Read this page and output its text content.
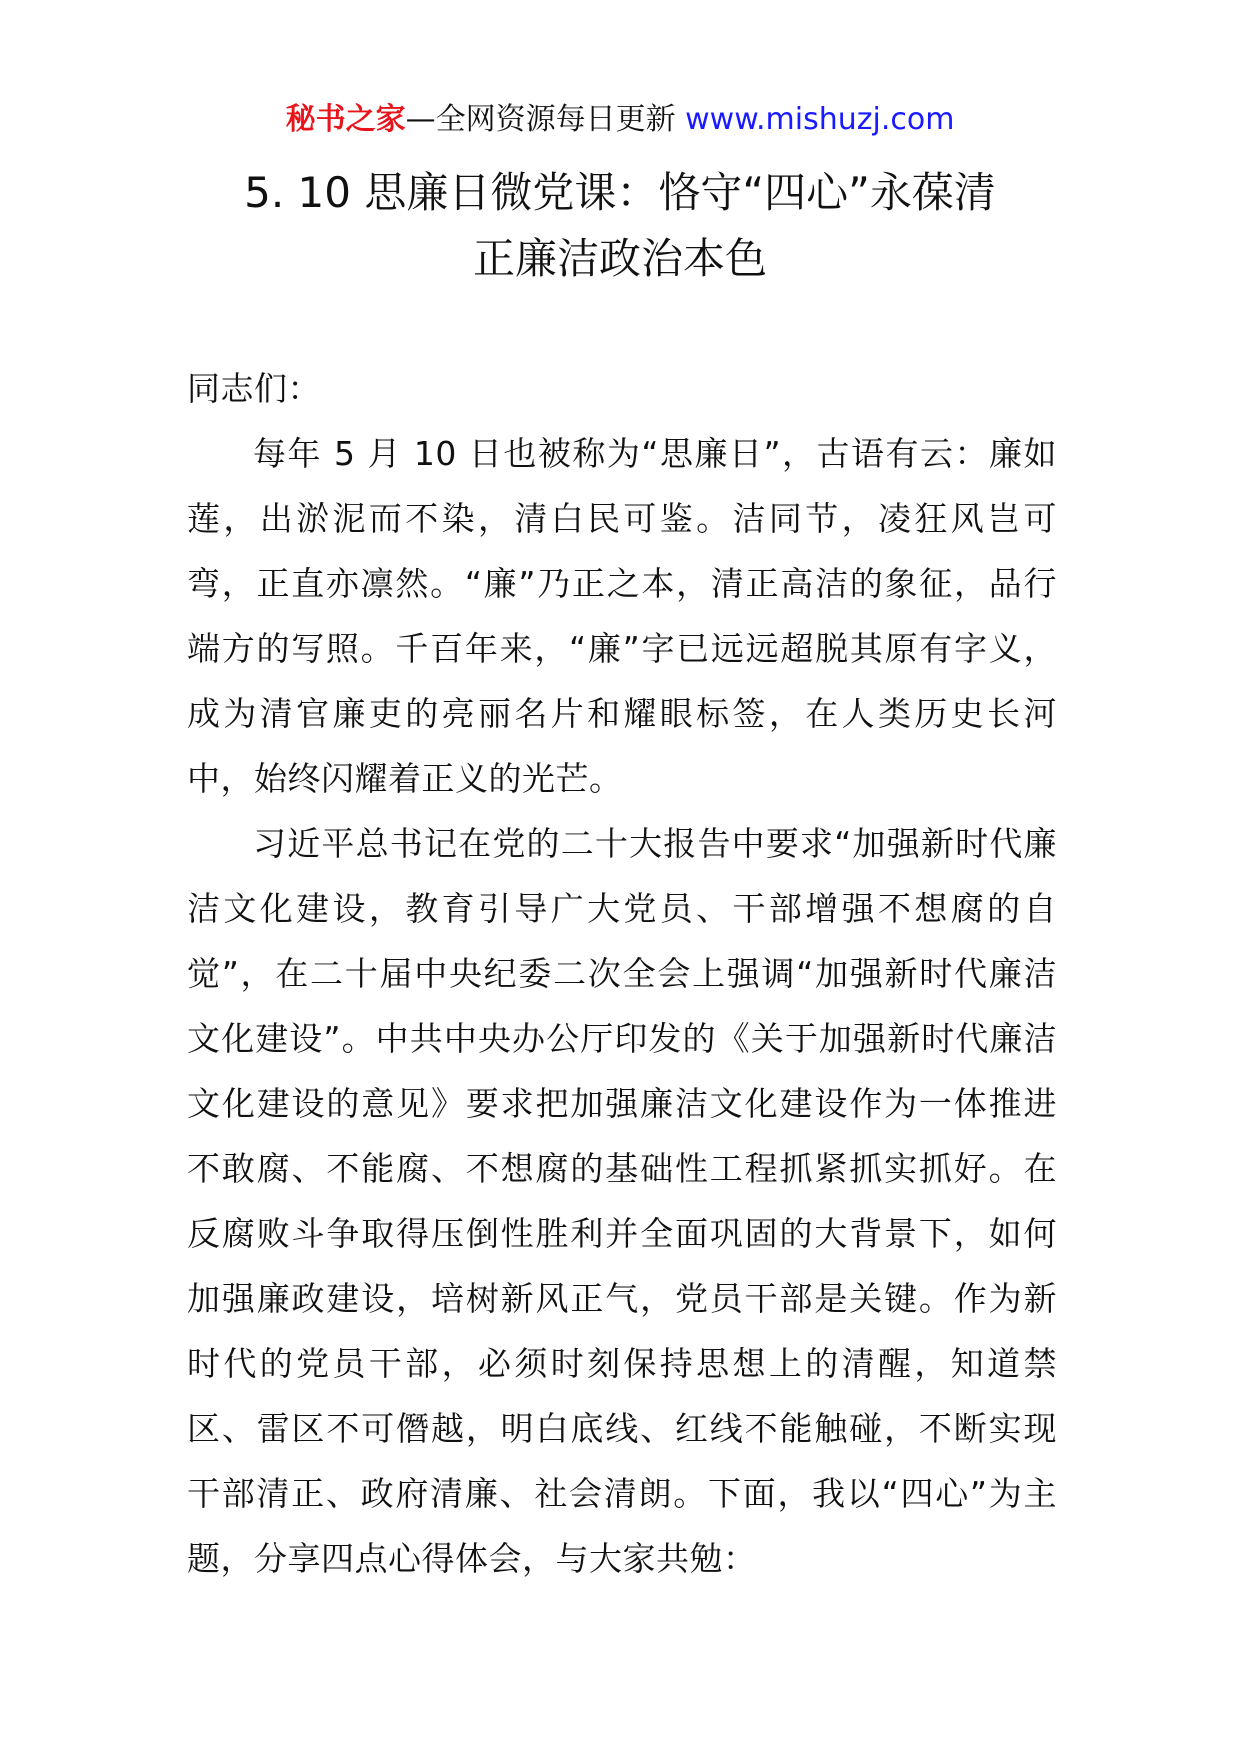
秘书之家—全网资源每日更新 www.mishuzj.com
5. 10 思廉日微党课：恪守“四心”永葆清
正廉洁政治本色

同志们：

每年 5 月 10 日也被称为“思廉日”，古语有云：廉如莲，出淤泥而不染，清白民可鉴。洁同节，凌狂风岂可弯，正直亦凛然。“廉”乃正之本，清正高洁的象征，品行端方的写照。千百年来，“廉”字已远远超脱其原有字义，成为清官廉吏的亮丽名片和耀眼标签，在人类历史长河中，始终闪耀着正义的光芒。

习近平总书记在党的二十大报告中要求“加强新时代廉洁文化建设，教育引导广大党员、干部增强不想腐的自觉”，在二十届中央纪委二次全会上强调“加强新时代廉洁文化建设”。中共中央办公厅印发的《关于加强新时代廉洁文化建设的意见》要求把加强廉洁文化建设作为一体推进不敢腐、不能腐、不想腐的基础性工程抓紧抓实抓好。在反腐败斗争取得压倒性胜利并全面巩固的大背景下，如何加强廉政建设，培树新风正气，党员干部是关键。作为新时代的党员干部，必须时刻保持思想上的清醒，知道禁区、雷区不可僭越，明白底线、红线不能触碰，不断实现干部清正、政府清廉、社会清朗。下面，我以“四心”为主题，分享四点心得体会，与大家共勉：
